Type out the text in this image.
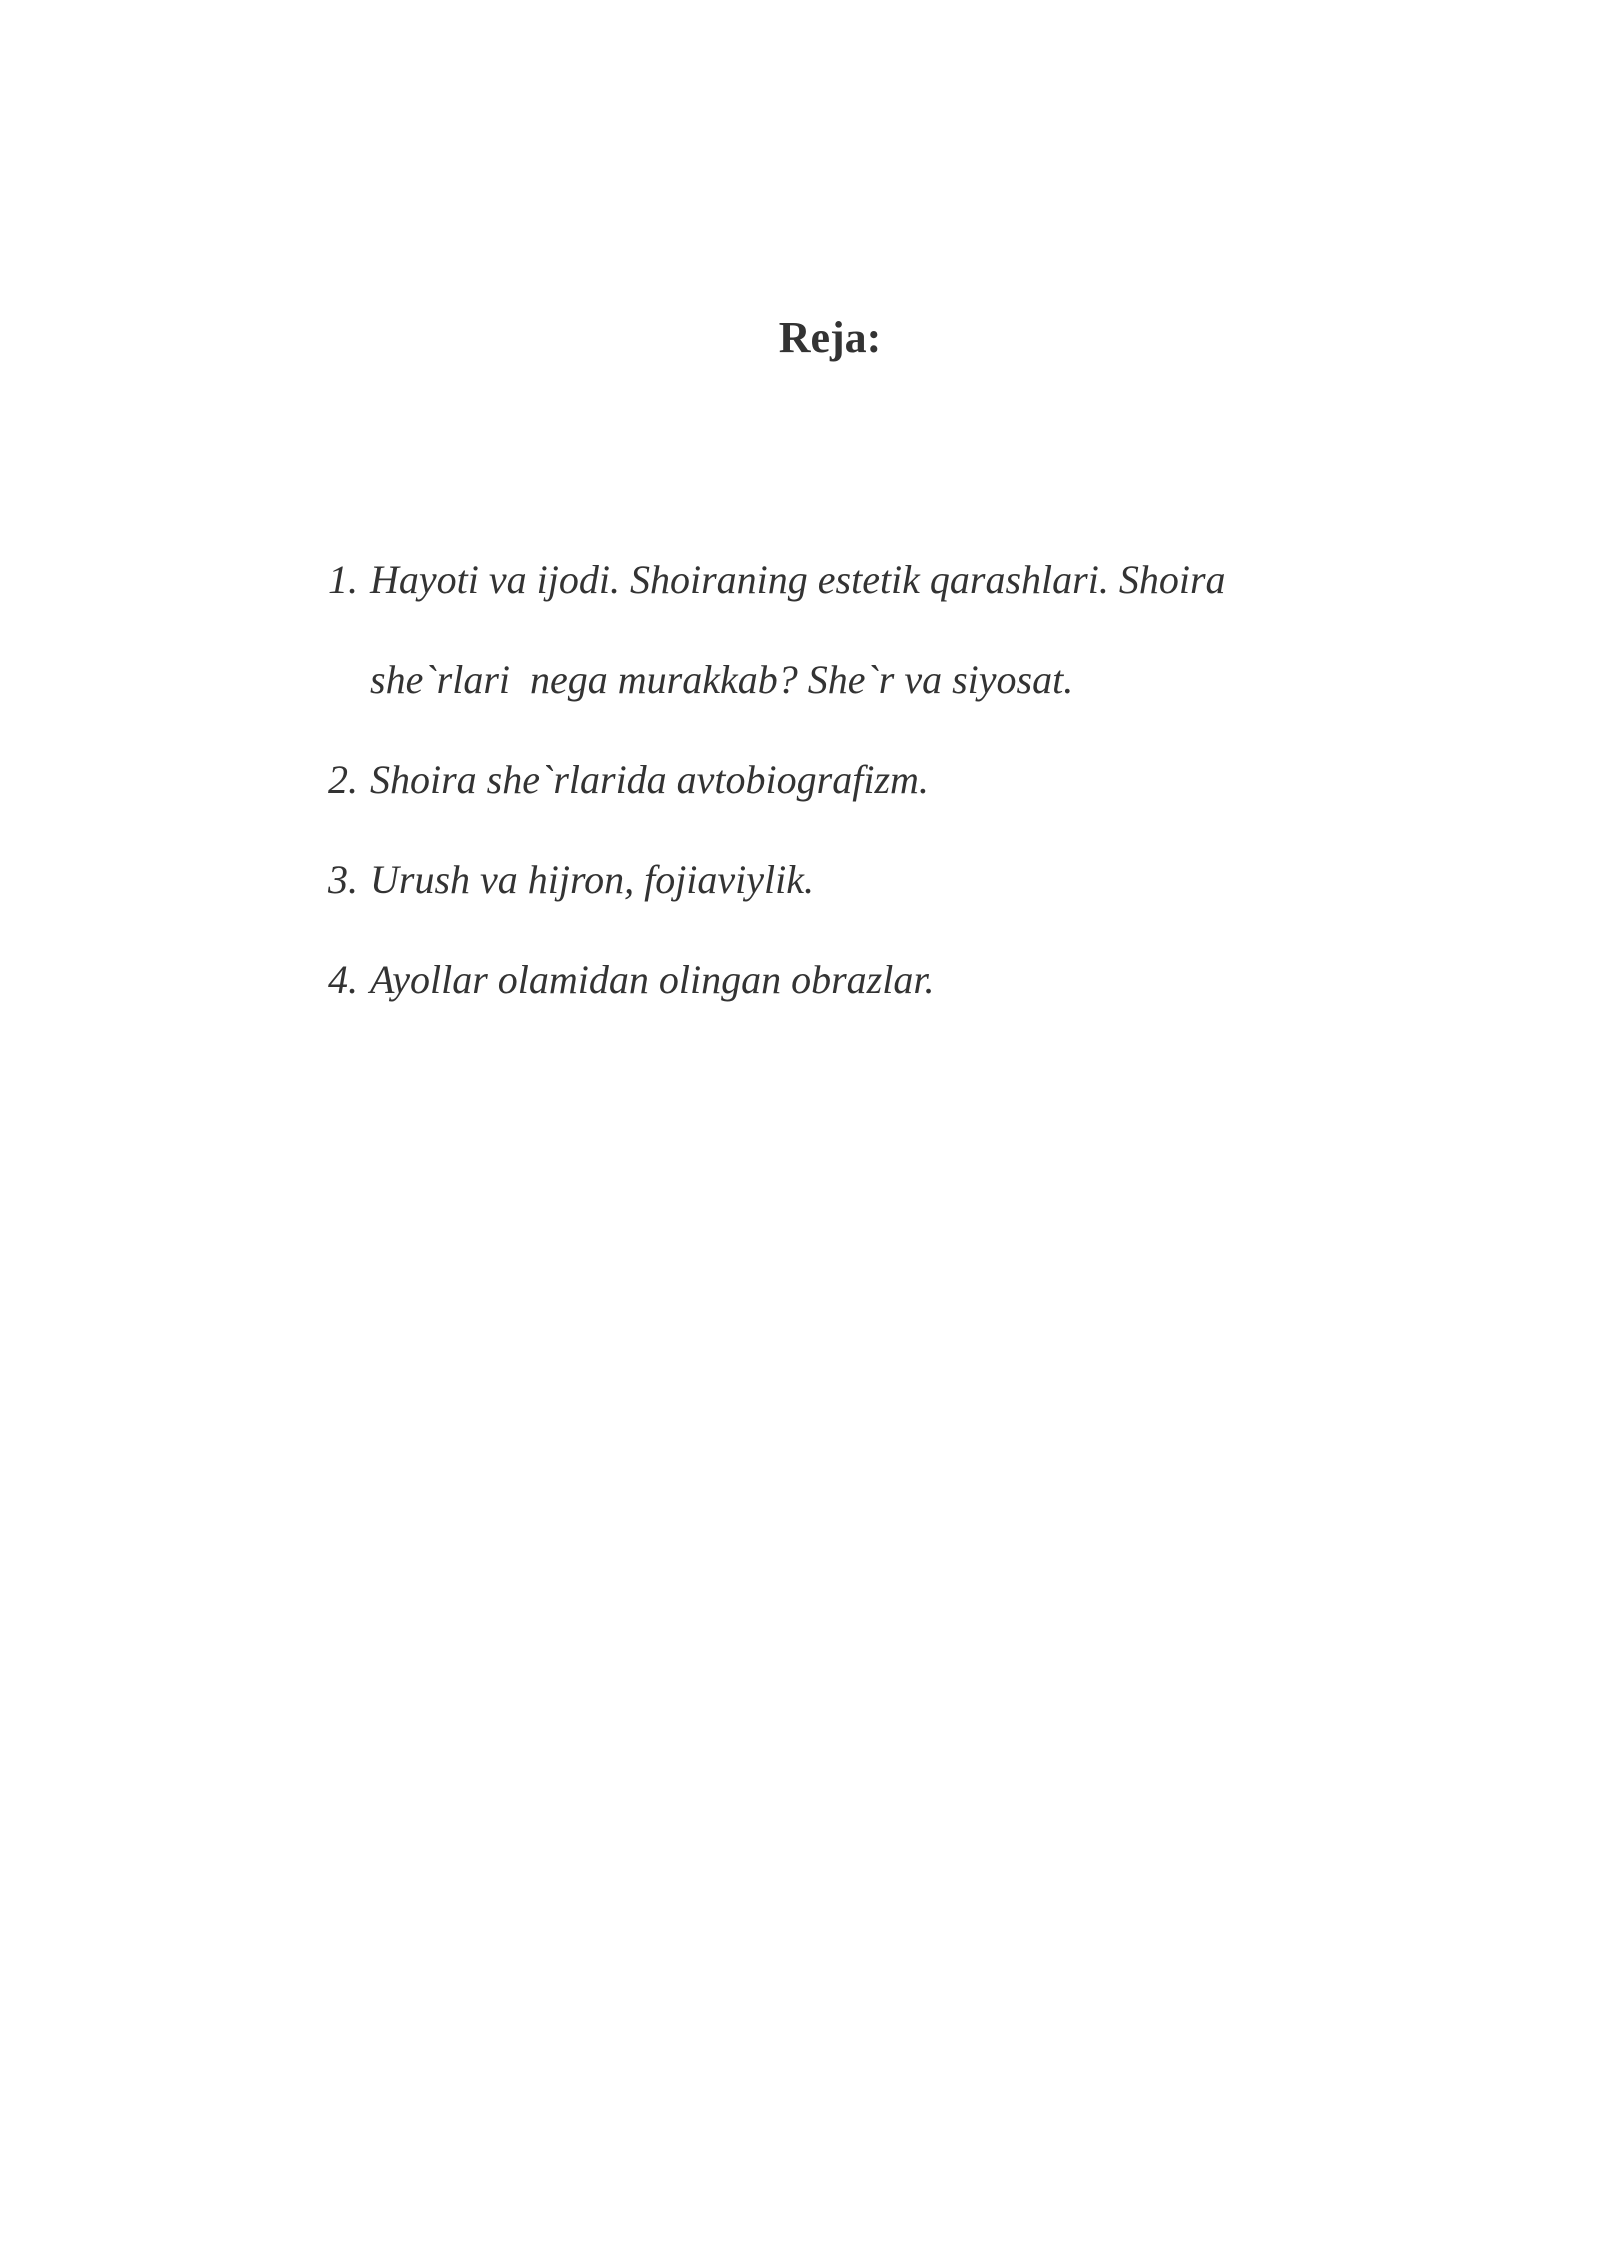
Reja:
1. Hayoti va ijodi. Shoiraning estetik qarashlari. Shoira
she`rlari  nega murakkab? She`r va siyosat.
2. Shoira she`rlarida avtobiografizm.
3. Urush va hijron, fojiaviylik.
4. Ayollar olamidan olingan obrazlar.
